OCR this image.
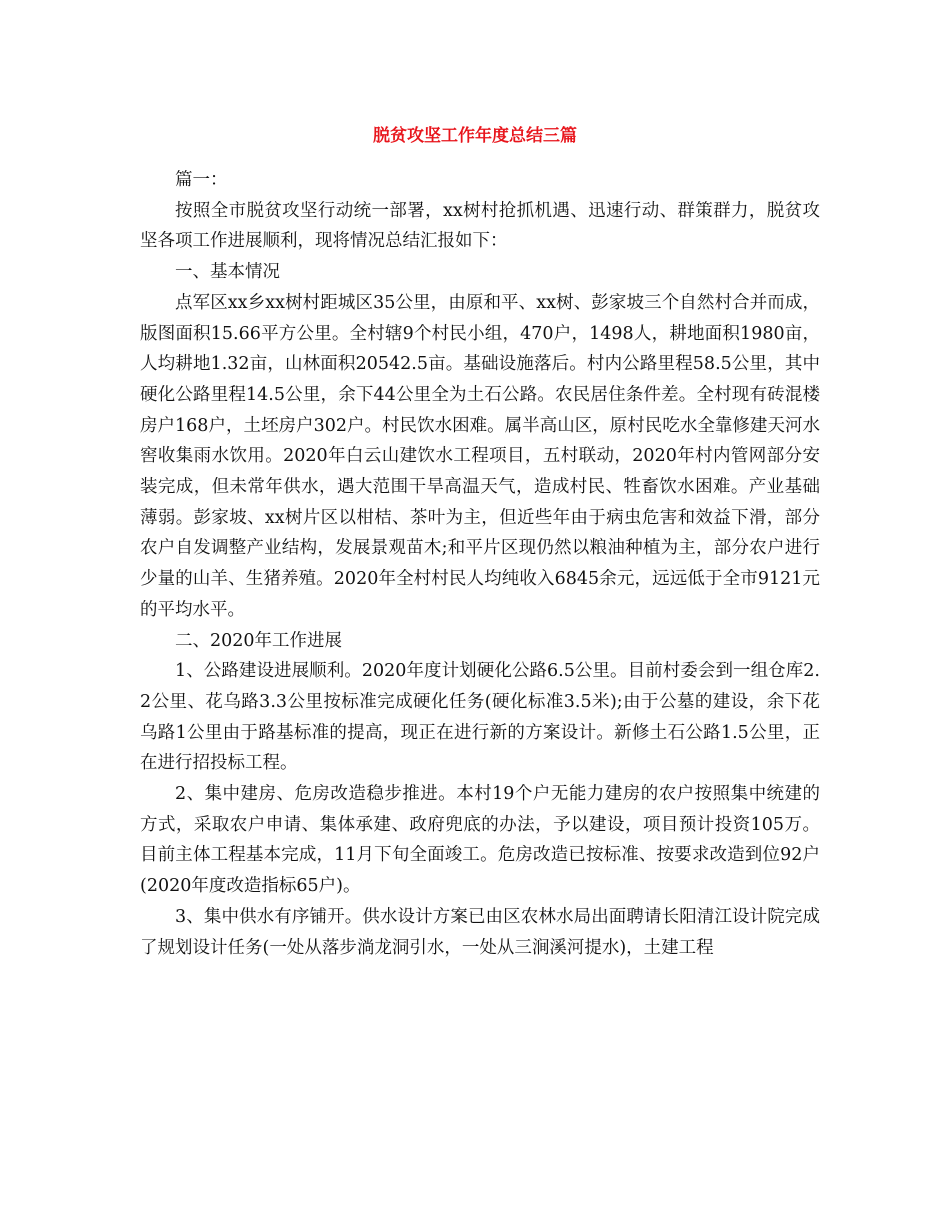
脱贫攻坚工作年度总结三篇

篇一：

按照全市脱贫攻坚行动统一部署，xx树村抢抓机遇、迅速行动、群策群力，脱贫攻坚各项工作进展顺利，现将情况总结汇报如下：

一、基本情况

点军区xx乡xx树村距城区35公里，由原和平、xx树、彭家坡三个自然村合并而成，版图面积15.66平方公里。全村辖9个村民小组，470户，1498人，耕地面积1980亩，人均耕地1.32亩，山林面积20542.5亩。基础设施落后。村内公路里程58.5公里，其中硬化公路里程14.5公里，余下44公里全为土石公路。农民居住条件差。全村现有砖混楼房户168户，土坯房户302户。村民饮水困难。属半高山区，原村民吃水全靠修建天河水窖收集雨水饮用。2020年白云山建饮水工程项目，五村联动，2020年村内管网部分安装完成，但未常年供水，遇大范围干旱高温天气，造成村民、牲畜饮水困难。产业基础薄弱。彭家坡、xx树片区以柑桔、茶叶为主，但近些年由于病虫危害和效益下滑，部分农户自发调整产业结构，发展景观苗木;和平片区现仍然以粮油种植为主，部分农户进行少量的山羊、生猪养殖。2020年全村村民人均纯收入6845余元，远远低于全市9121元的平均水平。

二、2020年工作进展

1、公路建设进展顺利。2020年度计划硬化公路6.5公里。目前村委会到一组仓库2.2公里、花乌路3.3公里按标准完成硬化任务(硬化标准3.5米);由于公墓的建设，余下花乌路1公里由于路基标准的提高，现正在进行新的方案设计。新修土石公路1.5公里，正在进行招投标工程。

2、集中建房、危房改造稳步推进。本村19个户无能力建房的农户按照集中统建的方式，采取农户申请、集体承建、政府兜底的办法，予以建设，项目预计投资105万。目前主体工程基本完成，11月下旬全面竣工。危房改造已按标准、按要求改造到位92户(2020年度改造指标65户)。

3、集中供水有序铺开。供水设计方案已由区农林水局出面聘请长阳清江设计院完成了规划设计任务(一处从落步淌龙洞引水，一处从三涧溪河提水)，土建工程
